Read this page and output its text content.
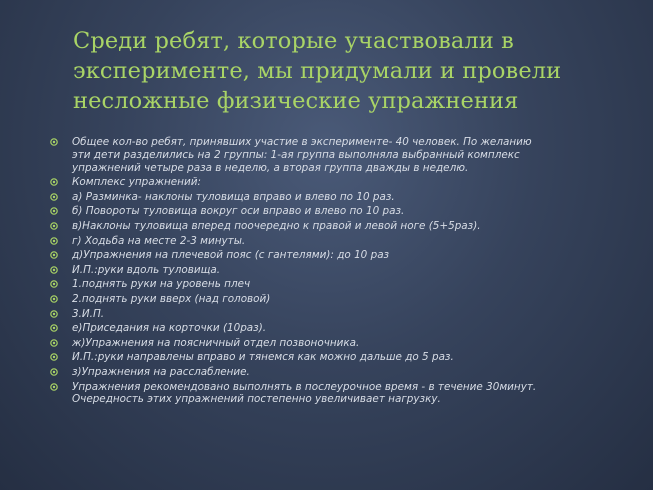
Среди ребят, которые участвовали в
эксперименте, мы придумали и провели
несложные физические упражнения
Общее кол-во ребят, принявших участие в эксперименте- 40 человек. По желанию
эти дети разделились на 2 группы: 1-ая группа выполняла выбранный комплекс
упражнений четыре раза в неделю, а вторая группа дважды в неделю.
Комплекс упражнений:
а) Разминка- наклоны туловища вправо и влево по 10 раз.
б) Повороты туловища вокруг оси вправо и влево по 10 раз.
в)Наклоны туловища вперед поочередно к правой и левой ноге (5+5раз).
г) Ходьба на месте 2-3 минуты.
д)Упражнения на плечевой пояс (с гантелями): до 10 раз
И.П.:руки вдоль туловища.
1.поднять руки на уровень плеч
2.поднять руки вверх (над головой)
3.И.П.
е)Приседания на корточки (10раз).
ж)Упражнения на поясничный отдел позвоночника.
И.П.:руки направлены вправо и тянемся как можно дальше до 5 раз.
з)Упражнения на расслабление.
Упражнения рекомендовано выполнять в послеурочное время - в течение 30минут.
Очередность этих упражнений постепенно увеличивает нагрузку.
